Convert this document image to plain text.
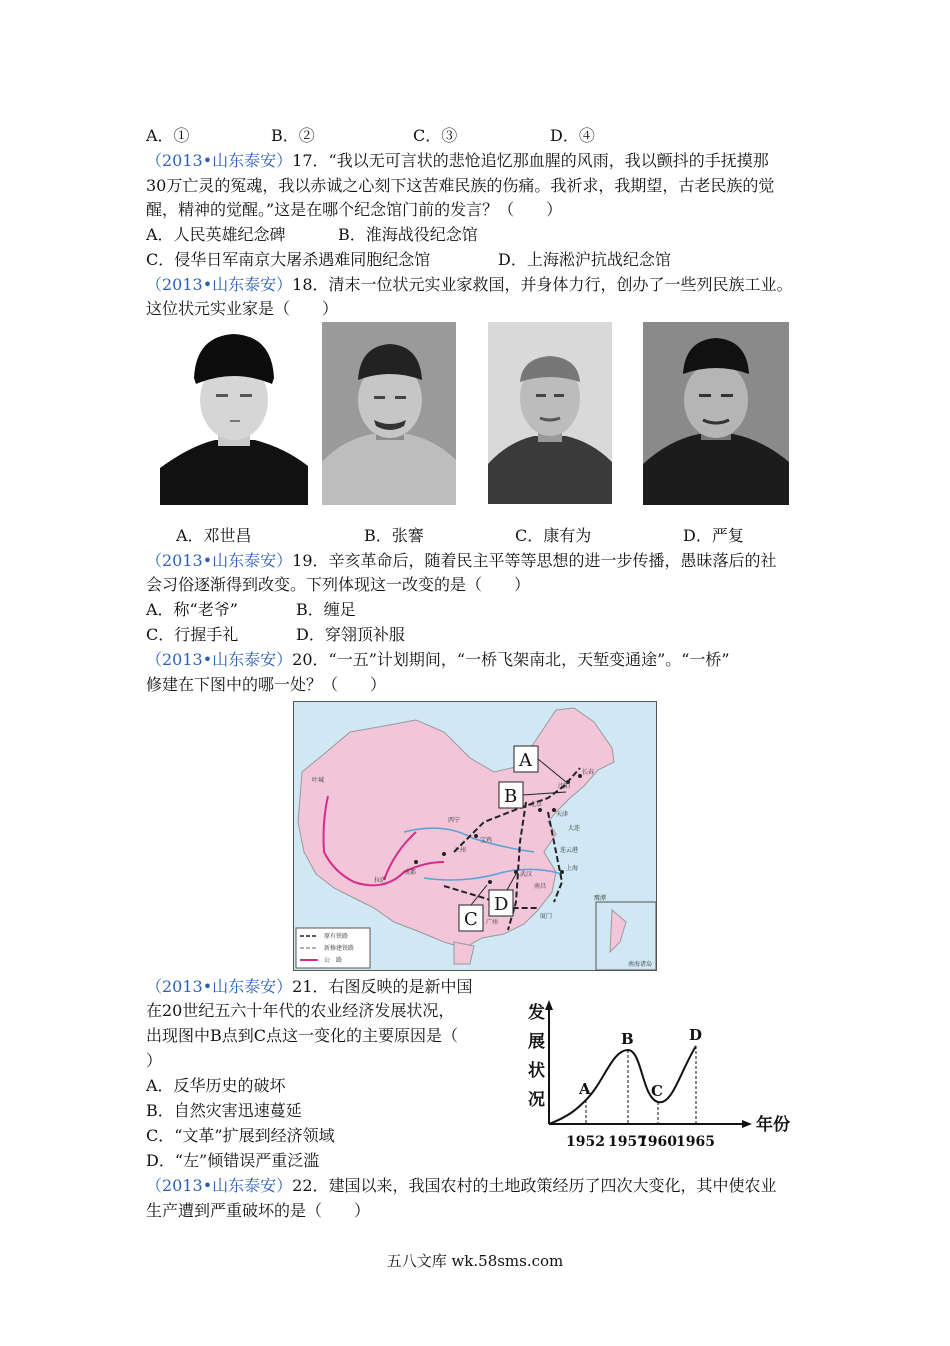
A．①	B．②	C．③	D．④
（2013•山东泰安）17．“我以无可言状的悲怆追忆那血腥的风雨，我以颤抖的手抚摸那
30万亡灵的冤魂，我以赤诚之心刻下这苦难民族的伤痛。我祈求，我期望，古老民族的觉
醒，精神的觉醒。”这是在哪个纪念馆门前的发言？（　　）
A．人民英雄纪念碑	B．淮海战役纪念馆
C．侵华日军南京大屠杀遇难同胞纪念馆	D．上海淞沪抗战纪念馆
（2013•山东泰安）18．清末一位状元实业家救国，并身体力行，创办了一些列民族工业。
这位状元实业家是（　　）
A．邓世昌	B．张謇	C．康有为	D．严复
（2013•山东泰安）19．辛亥革命后，随着民主平等等思想的进一步传播，愚昧落后的社
会习俗逐渐得到改变。下列体现这一改变的是（　　）
A．称“老爷”	B．缠足
C．行握手礼	D．穿翎顶补服
（2013•山东泰安）20．“一五”计划期间，“一桥飞架南北，天堑变通途”。“一桥”
修建在下图中的哪一处？（　　）
南海诸岛
沈阳
长春
北京
天津
大连
西宁
兰州
宝鸡
连云港
拉萨
成都	武汉
上海
南昌
厦门
广州
叶城
鹰潭
A
B
C
D
原有铁路
新修建铁路
公　路
（2013•山东泰安）21．右图反映的是新中国
在20世纪五六十年代的农业经济发展状况，
出现图中B点到C点这一变化的主要原因是（
）
A．反华历史的破坏
B．自然灾害迅速蔓延
C．“文革”扩展到经济领域
D．“左”倾错误严重泛滥
发
展
状
况
年份
A
B
C
D
1952 1957
1960 1965
（2013•山东泰安）22．建国以来，我国农村的土地政策经历了四次大变化，其中使农业
生产遭到严重破坏的是（　　）
五八文库 wk.58sms.com
